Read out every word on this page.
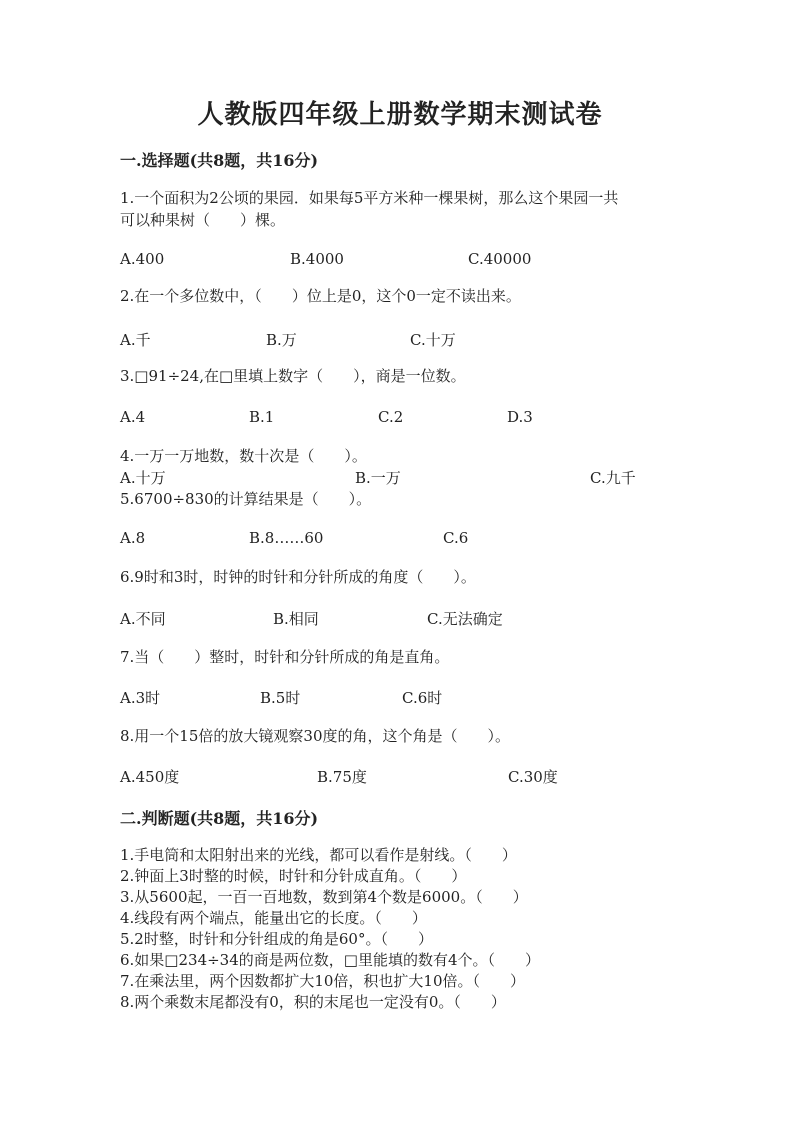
人教版四年级上册数学期末测试卷
一.选择题(共8题，共16分)
1.一个面积为2公顷的果园．如果每5平方米种一棵果树，那么这个果园一共
可以种果树（　　）棵。
A.400	B.4000	C.40000
2.在一个多位数中，（　　）位上是0，这个0一定不读出来。
A.千	B.万	C.十万
3.□91÷24,在□里填上数字（　　），商是一位数。
A.4	B.1	C.2	D.3
4.一万一万地数，数十次是（　　）。
A.十万	B.一万	C.九千
5.6700÷830的计算结果是（　　）。
A.8	B.8……60	C.6
6.9时和3时，时钟的时针和分针所成的角度（　　）。
A.不同	B.相同	C.无法确定
7.当（　　）整时，时针和分针所成的角是直角。
A.3时	B.5时	C.6时
8.用一个15倍的放大镜观察30度的角，这个角是（　　）。
A.450度	B.75度	C.30度
二.判断题(共8题，共16分)
1.手电筒和太阳射出来的光线，都可以看作是射线。（　　）
2.钟面上3时整的时候，时针和分针成直角。（　　）
3.从5600起，一百一百地数，数到第4个数是6000。（　　）
4.线段有两个端点，能量出它的长度。（　　）
5.2时整，时针和分针组成的角是60°。（　　）
6.如果□234÷34的商是两位数，□里能填的数有4个。（　　）
7.在乘法里，两个因数都扩大10倍，积也扩大10倍。（　　）
8.两个乘数末尾都没有0，积的末尾也一定没有0。（　　）
